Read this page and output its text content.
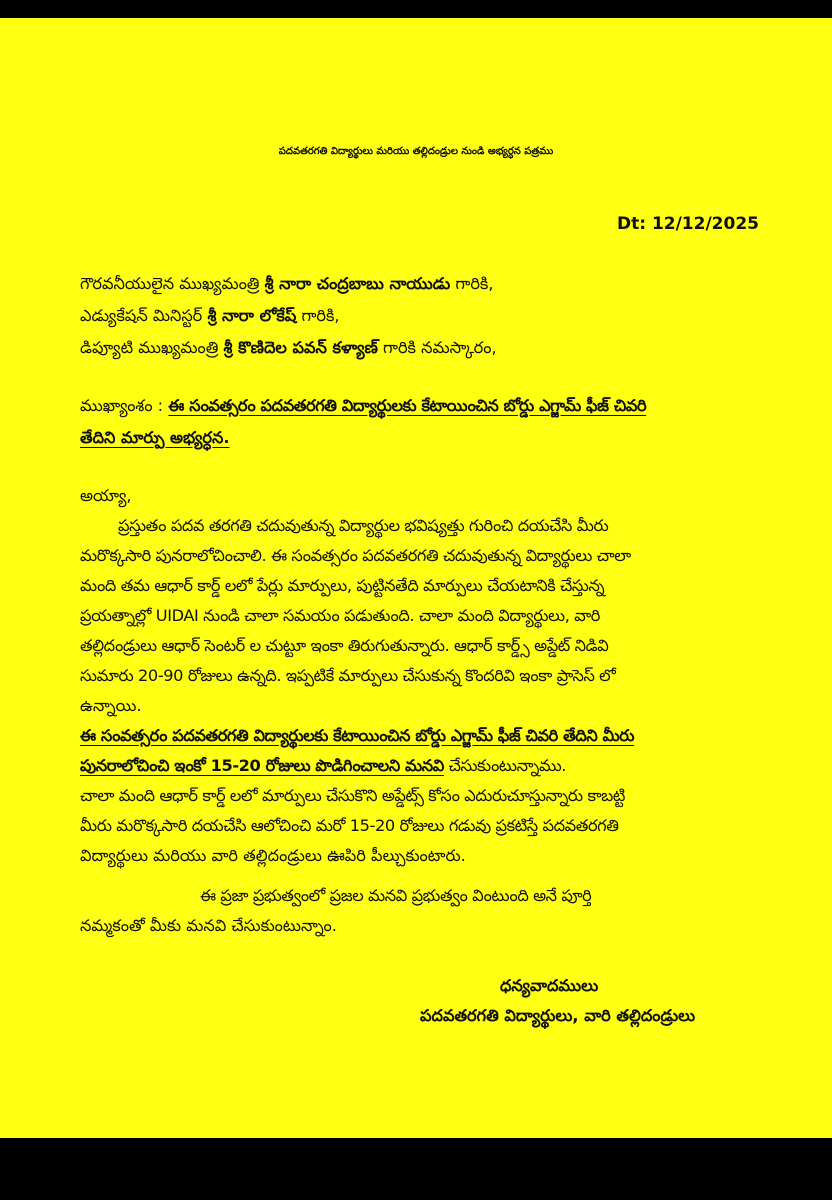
పదవతరగతి విద్యార్థులు మరియు తల్లిదండ్రుల నుండి అభ్యర్ధన పత్రము
Dt: 12/12/2025
గౌరవనీయులైన ముఖ్యమంత్రి శ్రీ నారా చంద్రబాబు నాయుడు గారికి,
ఎడ్యుకేషన్ మినిస్టర్ శ్రీ నారా లోకేష్ గారికి,
డిప్యూటి ముఖ్యమంత్రి శ్రీ కొణిదెల పవన్ కళ్యాణ్ గారికి నమస్కారం,
ముఖ్యాంశం : ఈ సంవత్సరం పదవతరగతి విద్యార్థులకు కేటాయించిన బోర్డు ఎగ్జామ్ ఫీజ్ చివరి
తేదిని మార్పు అభ్యర్ధన.
అయ్యా,
ప్రస్తుతం పదవ తరగతి చదువుతున్న విద్యార్థుల భవిష్యత్తు గురించి దయచేసి మీరు
మరొక్కసారి పునరాలోచించాలి. ఈ సంవత్సరం పదవతరగతి చదువుతున్న విద్యార్థులు చాలా
మంది తమ ఆధార్ కార్డ్ లలో పేర్లు మార్పులు, పుట్టినతేది మార్పులు చేయటానికి చేస్తున్న
ప్రయత్నాల్లో UIDAI నుండి చాలా సమయం పడుతుంది. చాలా మంది విద్యార్థులు, వారి
తల్లిదండ్రులు ఆధార్ సెంటర్ ల చుట్టూ ఇంకా తిరుగుతున్నారు. ఆధార్ కార్డ్స్ అప్డేట్ నిడివి
సుమారు 20-90 రోజులు ఉన్నది. ఇప్పటికే మార్పులు చేసుకున్న కొందరివి ఇంకా ప్రాసెస్ లో
ఉన్నాయి.
ఈ సంవత్సరం పదవతరగతి విద్యార్థులకు కేటాయించిన బోర్డు ఎగ్జామ్ ఫీజ్ చివరి తేదిని మీరు
పునరాలోచించి ఇంకో 15-20 రోజులు పొడిగించాలని మనవి చేసుకుంటున్నాము.
చాలా మంది ఆధార్ కార్డ్ లలో మార్పులు చేసుకొని అప్డేట్స్ కోసం ఎదురుచూస్తున్నారు కాబట్టి
మీరు మరొక్కసారి దయచేసి ఆలోచించి మరో 15-20 రోజులు గడువు ప్రకటిస్తే పదవతరగతి
విద్యార్థులు మరియు వారి తల్లిదండ్రులు ఊపిరి పీల్చుకుంటారు.
ఈ ప్రజా ప్రభుత్వంలో ప్రజల మనవి ప్రభుత్వం వింటుంది అనే పూర్తి
నమ్మకంతో మీకు మనవి చేసుకుంటున్నాం.
ధన్యవాదములు
పదవతరగతి విద్యార్థులు, వారి తల్లిదండ్రులు
